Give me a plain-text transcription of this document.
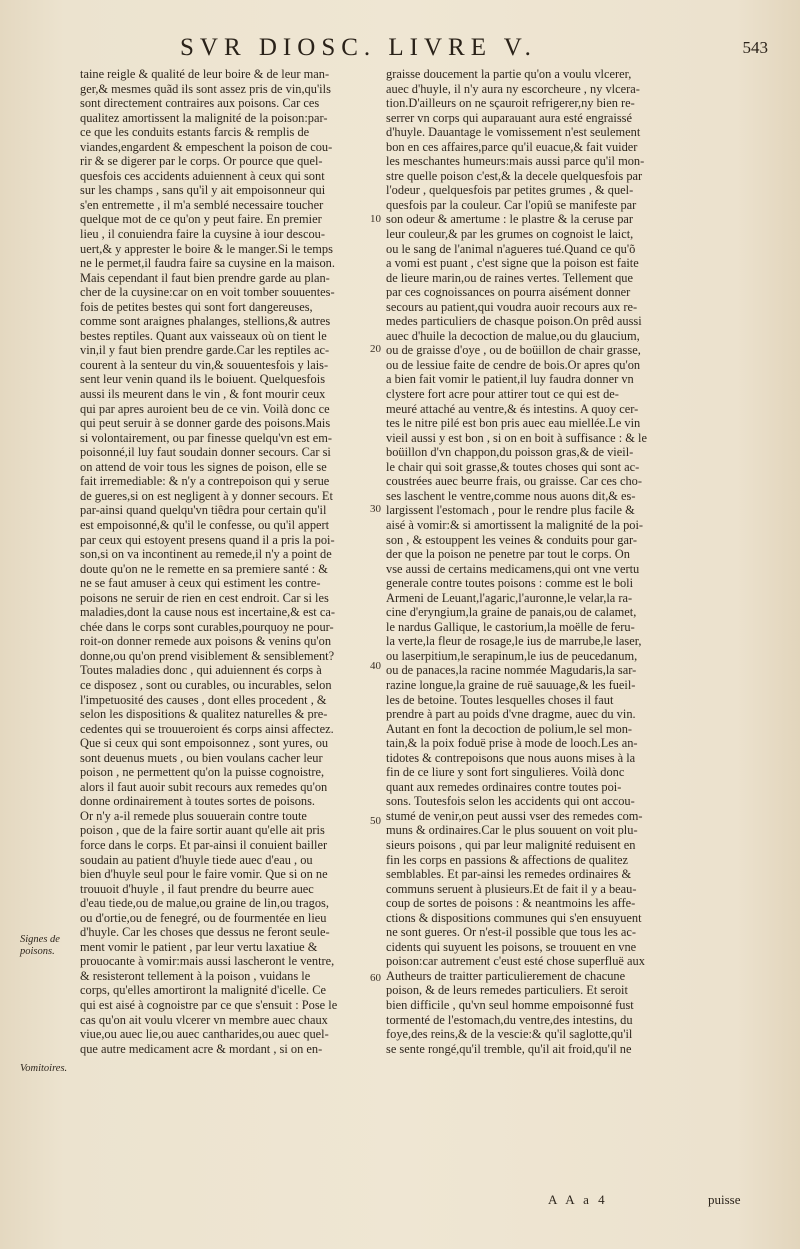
SVR DIOSC. LIVRE V.	543
taine reigle & qualité de leur boire & de leur man-
ger,& mesmes quãd ils sont assez pris de vin,qu'ils
sont directement contraires aux poisons. Car ces
qualitez amortissent la malignité de la poison:par-
ce que les conduits estants farcis & remplis de
viandes,engardent & empeschent la poison de cou-
rir & se digerer par le corps. Or pource que quel-
quesfois ces accidents aduiennent à ceux qui sont
sur les champs , sans qu'il y ait empoisonneur qui
s'en entremette , il m'a semblé necessaire toucher
quelque mot de ce qu'on y peut faire. En premier
lieu , il conuiendra faire la cuysine à iour descou-
uert,& y apprester le boire & le manger.Si le temps
ne le permet,il faudra faire sa cuysine en la maison.
Mais cependant il faut bien prendre garde au plan-
cher de la cuysine:car on en voit tomber souuentes-
fois de petites bestes qui sont fort dangereuses,
comme sont araignes phalanges, stellions,& autres
bestes reptiles. Quant aux vaisseaux où on tient le
vin,il y faut bien prendre garde.Car les reptiles ac-
courent à la senteur du vin,& souuentesfois y lais-
sent leur venin quand ils le boiuent. Quelquesfois
aussi ils meurent dans le vin , & font mourir ceux
qui par apres auroient beu de ce vin. Voilà donc ce
qui peut seruir à se donner garde des poisons.Mais
si volontairement, ou par finesse quelqu'vn est em-
poisonné,il luy faut soudain donner secours. Car si
on attend de voir tous les signes de poison, elle se
fait irremediable: & n'y a contrepoison qui y serue
de gueres,si on est negligent à y donner secours. Et
par-ainsi quand quelqu'vn tiêdra pour certain qu'il
est empoisonné,& qu'il le confesse, ou qu'il appert
par ceux qui estoyent presens quand il a pris la poi-
son,si on va incontinent au remede,il n'y a point de
doute qu'on ne le remette en sa premiere santé : &
ne se faut amuser à ceux qui estiment les contre-
poisons ne seruir de rien en cest endroit. Car si les
maladies,dont la cause nous est incertaine,& est ca-
chée dans le corps sont curables,pourquoy ne pour-
roit-on donner remede aux poisons & venins qu'on
donne,ou qu'on prend visiblement & sensiblement?
Toutes maladies donc , qui aduiennent és corps à
ce disposez , sont ou curables, ou incurables, selon
l'impetuosité des causes , dont elles procedent , &
selon les dispositions & qualitez naturelles & pre-
cedentes qui se trouueroient és corps ainsi affectez.
Que si ceux qui sont empoisonnez , sont yures, ou
sont deuenus muets , ou bien voulans cacher leur
poison , ne permettent qu'on la puisse cognoistre,
alors il faut auoir subit recours aux remedes qu'on
donne ordinairement à toutes sortes de poisons.
Or n'y a-il remede plus souuerain contre toute
poison , que de la faire sortir auant qu'elle ait pris
force dans le corps. Et par-ainsi il conuient bailler
soudain au patient d'huyle tiede auec d'eau , ou
bien d'huyle seul pour le faire vomir. Que si on ne
trouuoit d'huyle , il faut prendre du beurre auec
d'eau tiede,ou de malue,ou graine de lin,ou tragos,
ou d'ortie,ou de fenegré, ou de fourmentée en lieu
d'huyle. Car les choses que dessus ne feront seule-
ment vomir le patient , par leur vertu laxatiue &
prouocante à vomir:mais aussi lascheront le ventre,
& resisteront tellement à la poison , vuidans le
corps, qu'elles amortiront la malignité d'icelle. Ce
qui est aisé à cognoistre par ce que s'ensuit : Pose le
cas qu'on ait voulu vlcerer vn membre auec chaux
viue,ou auec lie,ou auec cantharides,ou auec quel-
que autre medicament acre & mordant , si on en-
graisse doucement la partie qu'on a voulu vlcerer,
auec d'huyle, il n'y aura ny escorcheure , ny vlcera-
tion.D'ailleurs on ne sçauroit refrigerer,ny bien re-
serrer vn corps qui auparauant aura esté engraissé
d'huyle. Dauantage le vomissement n'est seulement
bon en ces affaires,parce qu'il euacue,& fait vuider
les meschantes humeurs:mais aussi parce qu'il mon-
stre quelle poison c'est,& la decele quelquesfois par
l'odeur , quelquesfois par petites grumes , & quel-
quesfois par la couleur. Car l'opiû se manifeste par
son odeur & amertume : le plastre & la ceruse par
leur couleur,& par les grumes on cognoist le laict,
ou le sang de l'animal n'agueres tué.Quand ce qu'õ
a vomi est puant , c'est signe que la poison est faite
de lieure marin,ou de raines vertes. Tellement que
par ces cognoissances on pourra aisément donner
secours au patient,qui voudra auoir recours aux re-
medes particuliers de chasque poison.On prêd aussi
auec d'huile la decoction de malue,ou du glaucium,
ou de graisse d'oye , ou de boüillon de chair grasse,
ou de lessiue faite de cendre de bois.Or apres qu'on
a bien fait vomir le patient,il luy faudra donner vn
clystere fort acre pour attirer tout ce qui est de-
meuré attaché au ventre,& és intestins. A quoy cer-
tes le nitre pilé est bon pris auec eau miellée.Le vin
vieil aussi y est bon , si on en boit à suffisance : & le
boüillon d'vn chappon,du poisson gras,& de vieil-
le chair qui soit grasse,& toutes choses qui sont ac-
coustrées auec beurre frais, ou graisse. Car ces cho-
ses laschent le ventre,comme nous auons dit,& es-
largissent l'estomach , pour le rendre plus facile &
aisé à vomir:& si amortissent la malignité de la poi-
son , & estouppent les veines & conduits pour gar-
der que la poison ne penetre par tout le corps. On
vse aussi de certains medicamens,qui ont vne vertu
generale contre toutes poisons : comme est le boli
Armeni de Leuant,l'agaric,l'auronne,le velar,la ra-
cine d'eryngium,la graine de panais,ou de calamet,
le nardus Gallique, le castorium,la moëlle de feru-
la verte,la fleur de rosage,le ius de marrube,le laser,
ou laserpitium,le serapinum,le ius de peucedanum,
ou de panaces,la racine nommée Magudaris,la sar-
razine longue,la graine de ruë sauuage,& les fueil-
les de betoine. Toutes lesquelles choses il faut
prendre à part au poids d'vne dragme, auec du vin.
Autant en font la decoction de polium,le sel mon-
tain,& la poix foduë prise à mode de looch.Les an-
tidotes & contrepoisons que nous auons mises à la
fin de ce liure y sont fort singulieres. Voilà donc
quant aux remedes ordinaires contre toutes poi-
sons. Toutesfois selon les accidents qui ont accou-
stumé de venir,on peut aussi vser des remedes com-
muns & ordinaires.Car le plus souuent on voit plu-
sieurs poisons , qui par leur malignité reduisent en
fin les corps en passions & affections de qualitez
semblables. Et par-ainsi les remedes ordinaires &
communs seruent à plusieurs.Et de fait il y a beau-
coup de sortes de poisons : & neantmoins les affe-
ctions & dispositions communes qui s'en ensuyuent
ne sont gueres. Or n'est-il possible que tous les ac-
cidents qui suyuent les poisons, se trouuent en vne
poison:car autrement c'eust esté chose superfluë aux
Autheurs de traitter particulierement de chacune
poison, & de leurs remedes particuliers. Et seroit
bien difficile , qu'vn seul homme empoisonné fust
tormenté de l'estomach,du ventre,des intestins, du
foye,des reins,& de la vescie:& qu'il saglotte,qu'il
se sente rongé,qu'il tremble, qu'il ait froid,qu'il ne
10
20
30
40
50
60
Signes de poisons.
Vomitoires.
A A a 4	puisse
